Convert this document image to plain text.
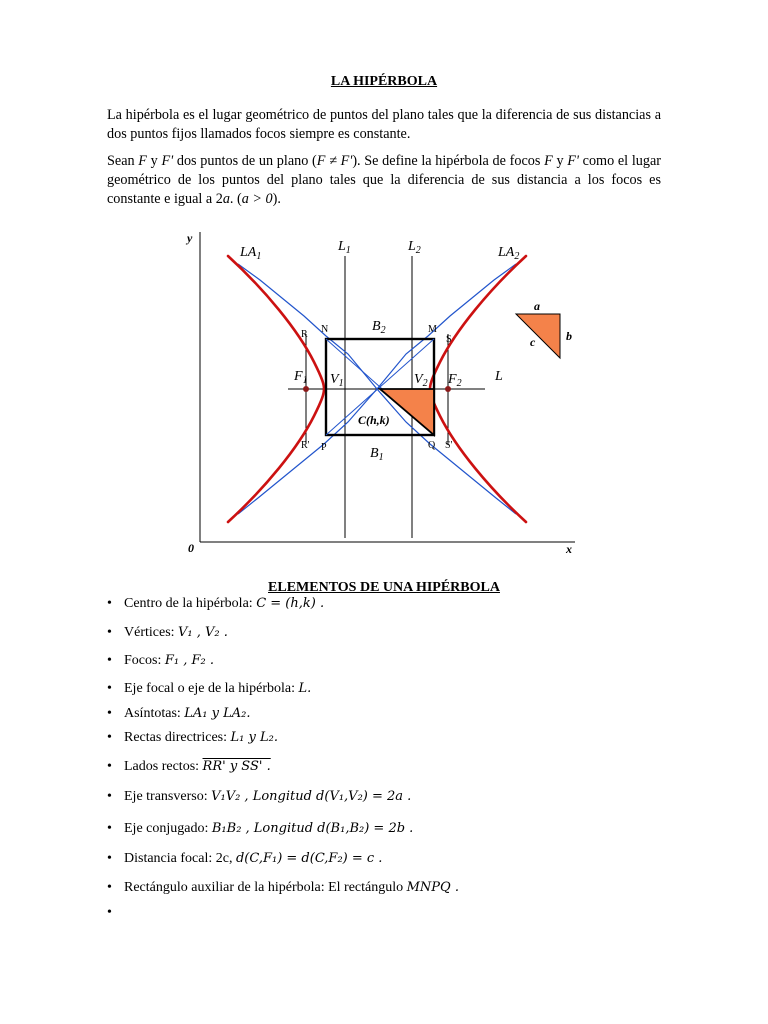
LA HIPÉRBOLA
La hipérbola es el lugar geométrico de puntos del plano tales que la diferencia de sus distancias a dos puntos fijos llamados focos siempre es constante.
Sean F y F' dos puntos de un plano (F ≠ F'). Se define la hipérbola de focos F y F' como el lugar geométrico de los puntos del plano tales que la diferencia de sus distancia a los focos es constante e igual a 2a. (a > 0).
y
x
0
a
b
c
$LA_1$	$LA_2$
$L_1$	$L_2$
L
$B_2$
$B_1$
$F_1$	$F_2$
$V_1$	$V_2$
N	M
P	Q
R	S
R'	S'
C(h,k)
ELEMENTOS DE UNA HIPÉRBOLA
• Centro de la hipérbola: C = (h,k) .
• Vértices: V₁ , V₂ .
• Focos: F₁ , F₂ .
• Eje focal o eje de la hipérbola: L.
• Asíntotas: LA₁ y LA₂.
• Rectas directrices: L₁ y L₂.
• Lados rectos: RR' y SS' .
• Eje transverso: V₁V₂ , Longitud d(V₁,V₂) = 2a .
• Eje conjugado: B₁B₂ , Longitud d(B₁,B₂) = 2b .
• Distancia focal: 2c, d(C,F₁) = d(C,F₂) = c .
• Rectángulo auxiliar de la hipérbola: El rectángulo MNPQ .
•
